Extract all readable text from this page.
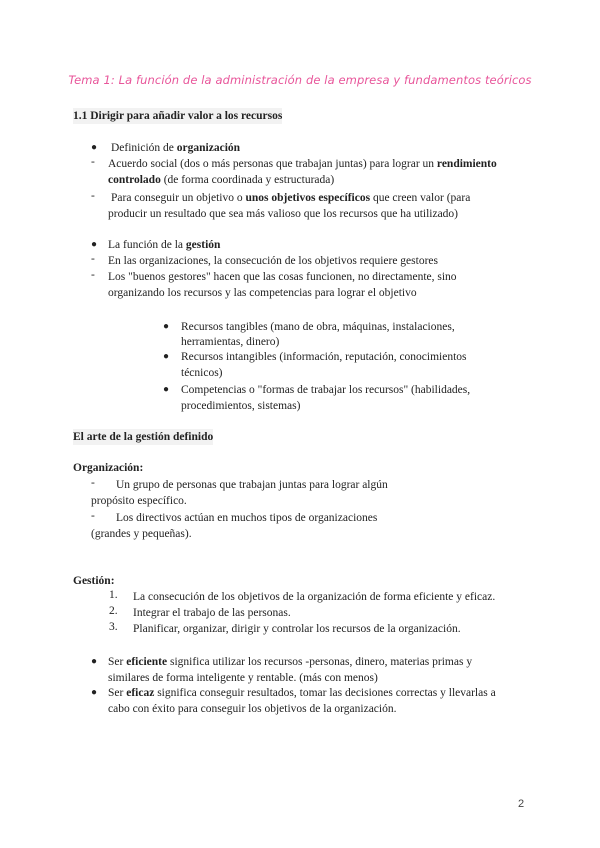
Tema 1: La función de la administración de la empresa y fundamentos teóricos
1.1 Dirigir para añadir valor a los recursos
● Definición de organización
- Acuerdo social (dos o más personas que trabajan juntas) para lograr un rendimiento
controlado (de forma coordinada y estructurada)
- Para conseguir un objetivo o unos objetivos específicos que creen valor (para
producir un resultado que sea más valioso que los recursos que ha utilizado)
● La función de la gestión
- En las organizaciones, la consecución de los objetivos requiere gestores
- Los "buenos gestores" hacen que las cosas funcionen, no directamente, sino
organizando los recursos y las competencias para lograr el objetivo
● Recursos tangibles (mano de obra, máquinas, instalaciones,
herramientas, dinero)
● Recursos intangibles (información, reputación, conocimientos
técnicos)
● Competencias o "formas de trabajar los recursos" (habilidades,
procedimientos, sistemas)
El arte de la gestión definido
Organización:
- Un grupo de personas que trabajan juntas para lograr algún
propósito específico.
- Los directivos actúan en muchos tipos de organizaciones
(grandes y pequeñas).
Gestión:
1. La consecución de los objetivos de la organización de forma eficiente y eficaz.
2. Integrar el trabajo de las personas.
3. Planificar, organizar, dirigir y controlar los recursos de la organización.
● Ser eficiente significa utilizar los recursos -personas, dinero, materias primas y
similares de forma inteligente y rentable. (más con menos)
● Ser eficaz significa conseguir resultados, tomar las decisiones correctas y llevarlas a
cabo con éxito para conseguir los objetivos de la organización.
2
